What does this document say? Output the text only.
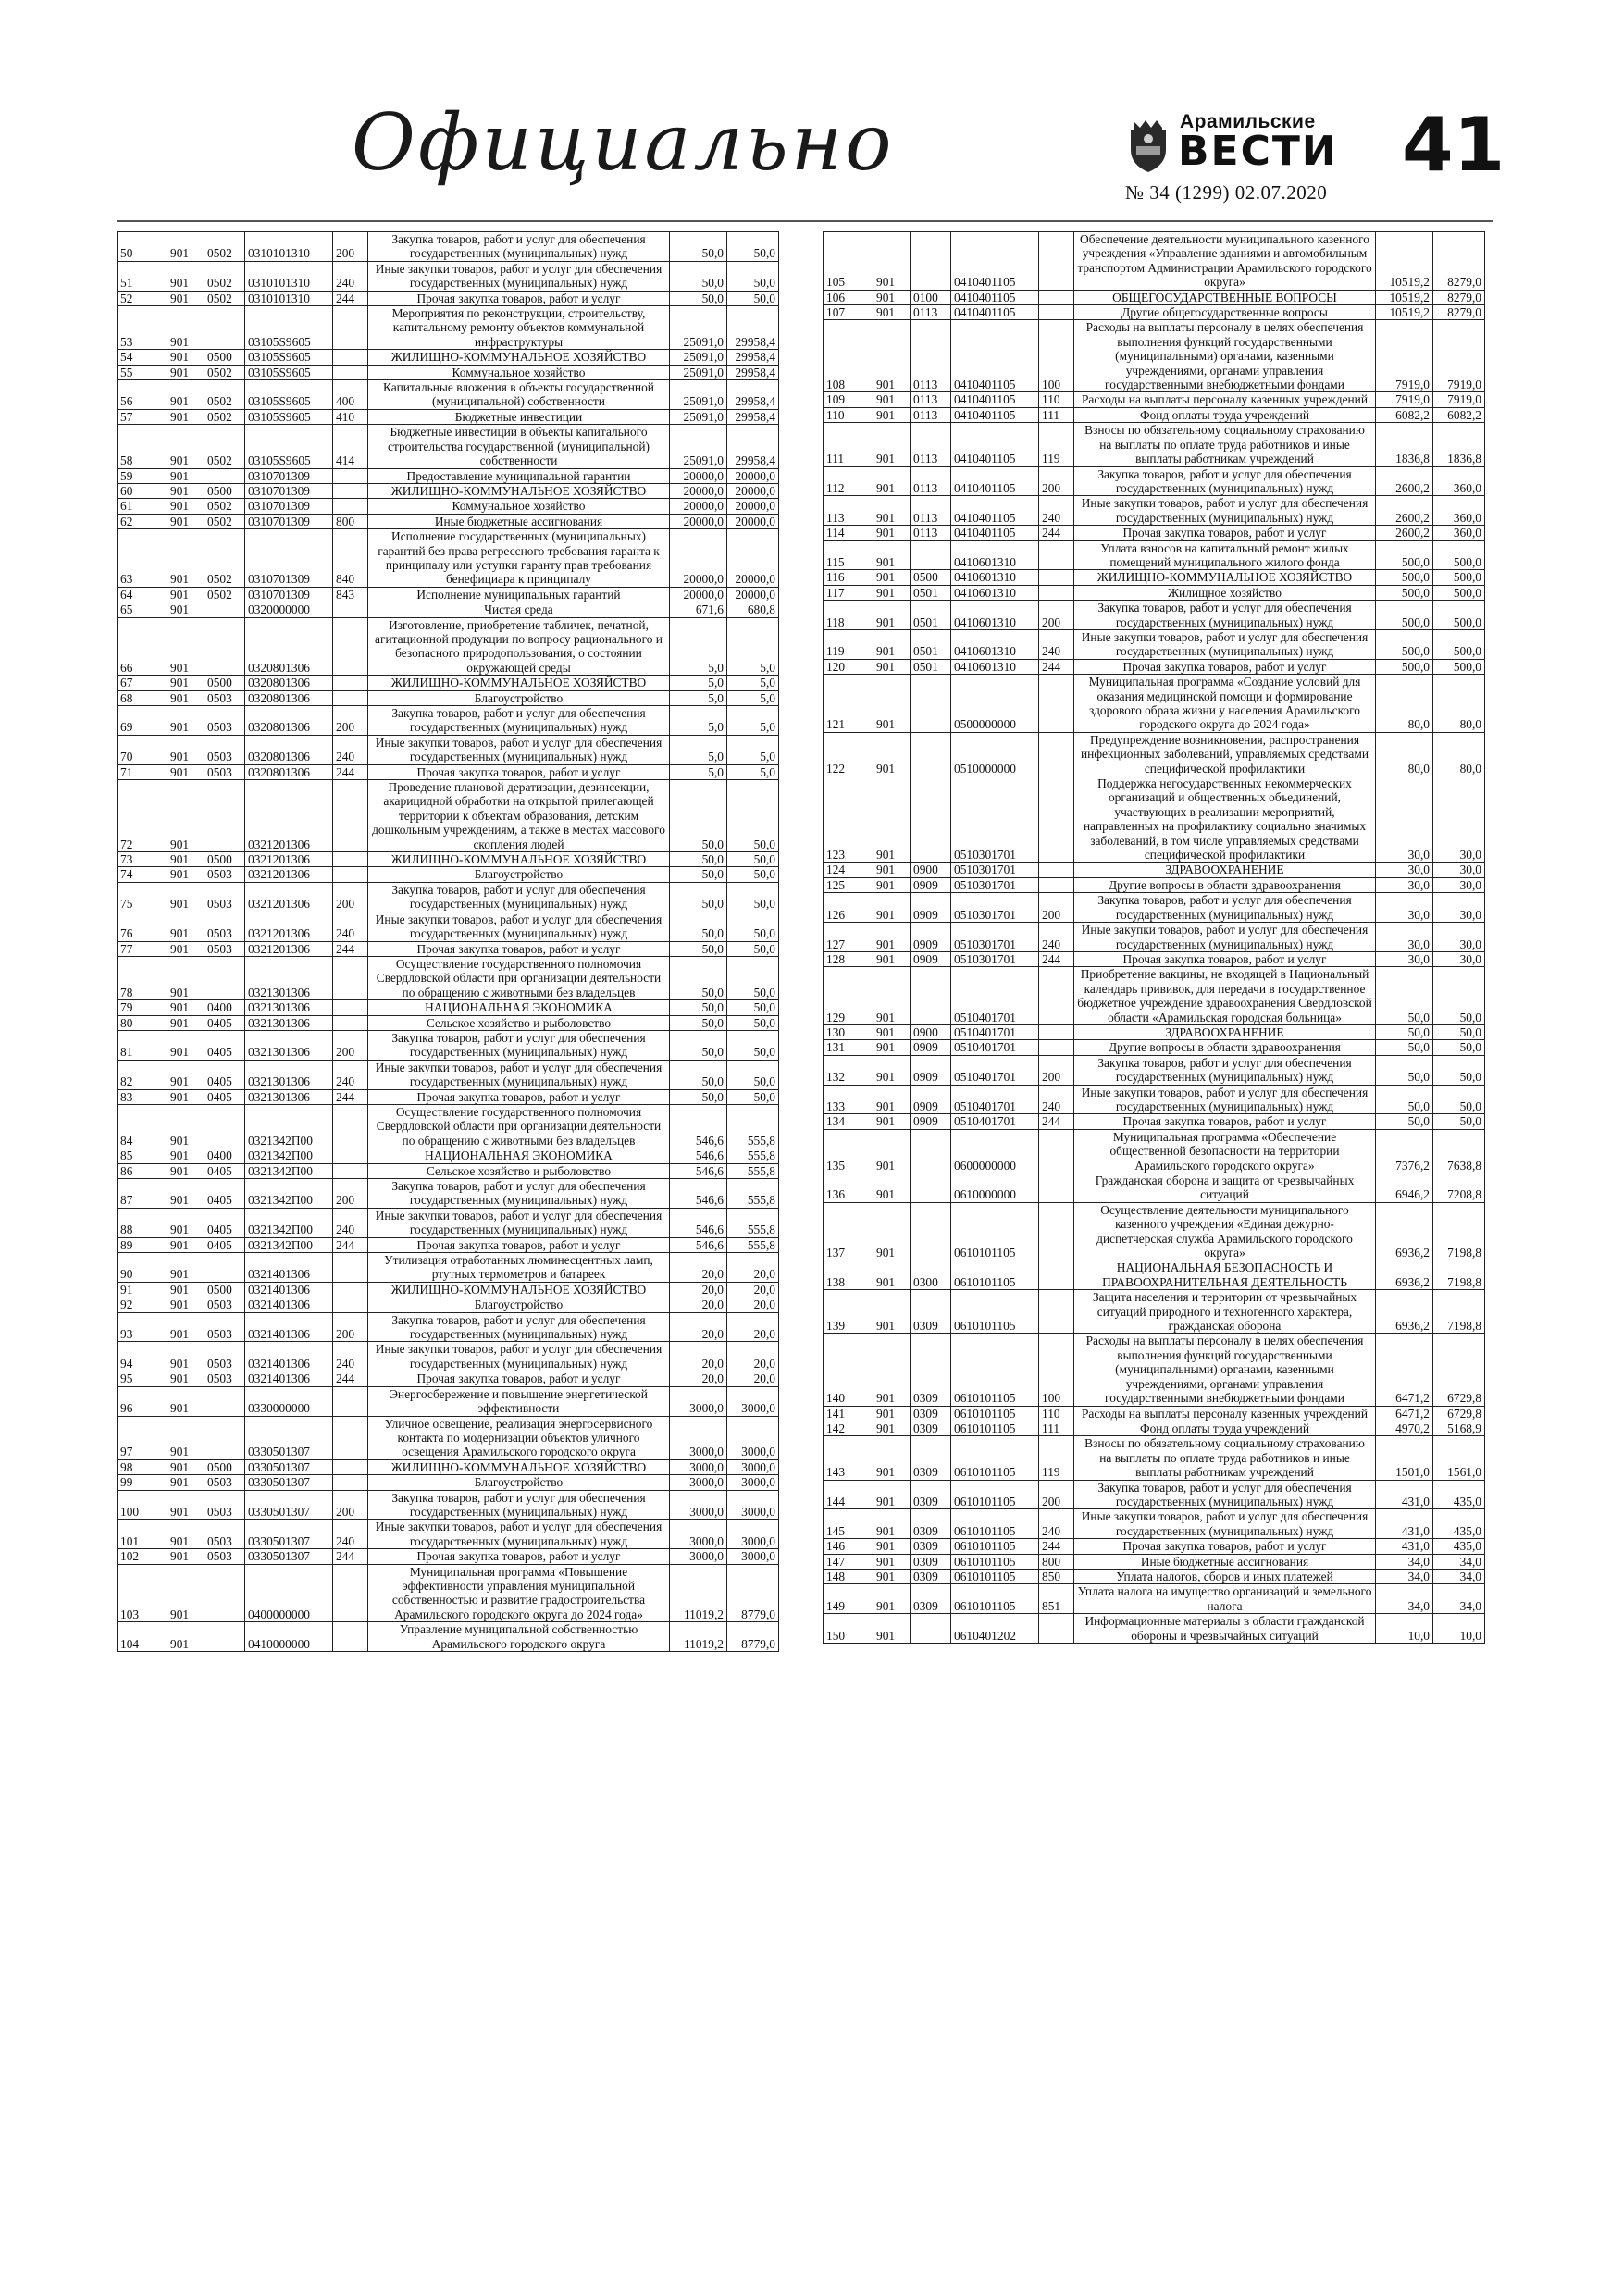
Официально	Арамильские
ВЕСТИ 41
№ 34 (1299) 02.07.2020
50	901	0502	0310101310	200	Закупка товаров, работ и услуг для обеспечения государственных (муниципальных) нужд	50,0	50,0
51	901	0502	0310101310	240	Иные закупки товаров, работ и услуг для обеспечения государственных (муниципальных) нужд	50,0	50,0
52	901	0502	0310101310	244	Прочая закупка товаров, работ и услуг	50,0	50,0
53	901		03105S9605		Мероприятия по реконструкции, строительству, капитальному ремонту объектов коммунальной инфраструктуры	25091,0	29958,4
54	901	0500	03105S9605		ЖИЛИЩНО-КОММУНАЛЬНОЕ ХОЗЯЙСТВО	25091,0	29958,4
55	901	0502	03105S9605		Коммунальное хозяйство	25091,0	29958,4
56	901	0502	03105S9605	400	Капитальные вложения в объекты государственной (муниципальной) собственности	25091,0	29958,4
57	901	0502	03105S9605	410	Бюджетные инвестиции	25091,0	29958,4
58	901	0502	03105S9605	414	Бюджетные инвестиции в объекты капитального строительства государственной (муниципальной) собственности	25091,0	29958,4
59	901		0310701309		Предоставление муниципальной гарантии	20000,0	20000,0
60	901	0500	0310701309		ЖИЛИЩНО-КОММУНАЛЬНОЕ ХОЗЯЙСТВО	20000,0	20000,0
61	901	0502	0310701309		Коммунальное хозяйство	20000,0	20000,0
62	901	0502	0310701309	800	Иные бюджетные ассигнования	20000,0	20000,0
63	901	0502	0310701309	840	Исполнение государственных (муниципальных) гарантий без права регрессного требования гаранта к принципалу или уступки гаранту прав требования бенефициара к принципалу	20000,0	20000,0
64	901	0502	0310701309	843	Исполнение муниципальных гарантий	20000,0	20000,0
65	901		0320000000		Чистая среда	671,6	680,8
66	901		0320801306		Изготовление, приобретение табличек, печатной, агитационной продукции по вопросу рационального и безопасного природопользования, о состоянии окружающей среды	5,0	5,0
67	901	0500	0320801306		ЖИЛИЩНО-КОММУНАЛЬНОЕ ХОЗЯЙСТВО	5,0	5,0
68	901	0503	0320801306		Благоустройство	5,0	5,0
69	901	0503	0320801306	200	Закупка товаров, работ и услуг для обеспечения государственных (муниципальных) нужд	5,0	5,0
70	901	0503	0320801306	240	Иные закупки товаров, работ и услуг для обеспечения государственных (муниципальных) нужд	5,0	5,0
71	901	0503	0320801306	244	Прочая закупка товаров, работ и услуг	5,0	5,0
72	901		0321201306		Проведение плановой дератизации, дезинсекции, акарицидной обработки на открытой прилегающей территории к объектам образования, детским дошкольным учреждениям, а также в местах массового скопления людей	50,0	50,0
73	901	0500	0321201306		ЖИЛИЩНО-КОММУНАЛЬНОЕ ХОЗЯЙСТВО	50,0	50,0
74	901	0503	0321201306		Благоустройство	50,0	50,0
75	901	0503	0321201306	200	Закупка товаров, работ и услуг для обеспечения государственных (муниципальных) нужд	50,0	50,0
76	901	0503	0321201306	240	Иные закупки товаров, работ и услуг для обеспечения государственных (муниципальных) нужд	50,0	50,0
77	901	0503	0321201306	244	Прочая закупка товаров, работ и услуг	50,0	50,0
78	901		0321301306		Осуществление государственного полномочия Свердловской области при организации деятельности по обращению с животными без владельцев	50,0	50,0
79	901	0400	0321301306		НАЦИОНАЛЬНАЯ ЭКОНОМИКА	50,0	50,0
80	901	0405	0321301306		Сельское хозяйство и рыболовство	50,0	50,0
81	901	0405	0321301306	200	Закупка товаров, работ и услуг для обеспечения государственных (муниципальных) нужд	50,0	50,0
82	901	0405	0321301306	240	Иные закупки товаров, работ и услуг для обеспечения государственных (муниципальных) нужд	50,0	50,0
83	901	0405	0321301306	244	Прочая закупка товаров, работ и услуг	50,0	50,0
84	901		0321342П00		Осуществление государственного полномочия Свердловской области при организации деятельности по обращению с животными без владельцев	546,6	555,8
85	901	0400	0321342П00		НАЦИОНАЛЬНАЯ ЭКОНОМИКА	546,6	555,8
86	901	0405	0321342П00		Сельское хозяйство и рыболовство	546,6	555,8
87	901	0405	0321342П00	200	Закупка товаров, работ и услуг для обеспечения государственных (муниципальных) нужд	546,6	555,8
88	901	0405	0321342П00	240	Иные закупки товаров, работ и услуг для обеспечения государственных (муниципальных) нужд	546,6	555,8
89	901	0405	0321342П00	244	Прочая закупка товаров, работ и услуг	546,6	555,8
90	901		0321401306		Утилизация отработанных люминесцентных ламп, ртутных термометров и батареек	20,0	20,0
91	901	0500	0321401306		ЖИЛИЩНО-КОММУНАЛЬНОЕ ХОЗЯЙСТВО	20,0	20,0
92	901	0503	0321401306		Благоустройство	20,0	20,0
93	901	0503	0321401306	200	Закупка товаров, работ и услуг для обеспечения государственных (муниципальных) нужд	20,0	20,0
94	901	0503	0321401306	240	Иные закупки товаров, работ и услуг для обеспечения государственных (муниципальных) нужд	20,0	20,0
95	901	0503	0321401306	244	Прочая закупка товаров, работ и услуг	20,0	20,0
96	901		0330000000		Энергосбережение и повышение энергетической эффективности	3000,0	3000,0
97	901		0330501307		Уличное освещение, реализация энергосервисного контакта по модернизации объектов уличного освещения Арамильского городского округа	3000,0	3000,0
98	901	0500	0330501307		ЖИЛИЩНО-КОММУНАЛЬНОЕ ХОЗЯЙСТВО	3000,0	3000,0
99	901	0503	0330501307		Благоустройство	3000,0	3000,0
100	901	0503	0330501307	200	Закупка товаров, работ и услуг для обеспечения государственных (муниципальных) нужд	3000,0	3000,0
101	901	0503	0330501307	240	Иные закупки товаров, работ и услуг для обеспечения государственных (муниципальных) нужд	3000,0	3000,0
102	901	0503	0330501307	244	Прочая закупка товаров, работ и услуг	3000,0	3000,0
103	901		0400000000		Муниципальная программа «Повышение эффективности управления муниципальной собственностью и развитие градостроительства Арамильского городского округа до 2024 года»	11019,2	8779,0
104	901		0410000000		Управление муниципальной собственностью Арамильского городского округа	11019,2	8779,0
105	901		0410401105		Обеспечение деятельности муниципального казенного учреждения «Управление зданиями и автомобильным транспортом Администрации Арамильского городского округа»	10519,2	8279,0
106	901	0100	0410401105		ОБЩЕГОСУДАРСТВЕННЫЕ ВОПРОСЫ	10519,2	8279,0
107	901	0113	0410401105		Другие общегосударственные вопросы	10519,2	8279,0
108	901	0113	0410401105	100	Расходы на выплаты персоналу в целях обеспечения выполнения функций государственными (муниципальными) органами, казенными учреждениями, органами управления государственными внебюджетными фондами	7919,0	7919,0
109	901	0113	0410401105	110	Расходы на выплаты персоналу казенных учреждений	7919,0	7919,0
110	901	0113	0410401105	111	Фонд оплаты труда учреждений	6082,2	6082,2
111	901	0113	0410401105	119	Взносы по обязательному социальному страхованию на выплаты по оплате труда работников и иные выплаты работникам учреждений	1836,8	1836,8
112	901	0113	0410401105	200	Закупка товаров, работ и услуг для обеспечения государственных (муниципальных) нужд	2600,2	360,0
113	901	0113	0410401105	240	Иные закупки товаров, работ и услуг для обеспечения государственных (муниципальных) нужд	2600,2	360,0
114	901	0113	0410401105	244	Прочая закупка товаров, работ и услуг	2600,2	360,0
115	901		0410601310		Уплата взносов на капитальный ремонт жилых помещений муниципального жилого фонда	500,0	500,0
116	901	0500	0410601310		ЖИЛИЩНО-КОММУНАЛЬНОЕ ХОЗЯЙСТВО	500,0	500,0
117	901	0501	0410601310		Жилищное хозяйство	500,0	500,0
118	901	0501	0410601310	200	Закупка товаров, работ и услуг для обеспечения государственных (муниципальных) нужд	500,0	500,0
119	901	0501	0410601310	240	Иные закупки товаров, работ и услуг для обеспечения государственных (муниципальных) нужд	500,0	500,0
120	901	0501	0410601310	244	Прочая закупка товаров, работ и услуг	500,0	500,0
121	901		0500000000		Муниципальная программа «Создание условий для оказания медицинской помощи и формирование здорового образа жизни у населения Арамильского городского округа до 2024 года»	80,0	80,0
122	901		0510000000		Предупреждение возникновения, распространения инфекционных заболеваний, управляемых средствами специфической профилактики	80,0	80,0
123	901		0510301701		Поддержка негосударственных некоммерческих организаций и общественных объединений, участвующих в реализации мероприятий, направленных на профилактику социально значимых заболеваний, в том числе управляемых средствами специфической профилактики	30,0	30,0
124	901	0900	0510301701		ЗДРАВООХРАНЕНИЕ	30,0	30,0
125	901	0909	0510301701		Другие вопросы в области здравоохранения	30,0	30,0
126	901	0909	0510301701	200	Закупка товаров, работ и услуг для обеспечения государственных (муниципальных) нужд	30,0	30,0
127	901	0909	0510301701	240	Иные закупки товаров, работ и услуг для обеспечения государственных (муниципальных) нужд	30,0	30,0
128	901	0909	0510301701	244	Прочая закупка товаров, работ и услуг	30,0	30,0
129	901		0510401701		Приобретение вакцины, не входящей в Национальный календарь прививок, для передачи в государственное бюджетное учреждение здравоохранения Свердловской области «Арамильская городская больница»	50,0	50,0
130	901	0900	0510401701		ЗДРАВООХРАНЕНИЕ	50,0	50,0
131	901	0909	0510401701		Другие вопросы в области здравоохранения	50,0	50,0
132	901	0909	0510401701	200	Закупка товаров, работ и услуг для обеспечения государственных (муниципальных) нужд	50,0	50,0
133	901	0909	0510401701	240	Иные закупки товаров, работ и услуг для обеспечения государственных (муниципальных) нужд	50,0	50,0
134	901	0909	0510401701	244	Прочая закупка товаров, работ и услуг	50,0	50,0
135	901		0600000000		Муниципальная программа «Обеспечение общественной безопасности на территории Арамильского городского округа»	7376,2	7638,8
136	901		0610000000		Гражданская оборона и защита от чрезвычайных ситуаций	6946,2	7208,8
137	901		0610101105		Осуществление деятельности муниципального казенного учреждения «Единая дежурно-диспетчерская служба Арамильского городского округа»	6936,2	7198,8
138	901	0300	0610101105		НАЦИОНАЛЬНАЯ БЕЗОПАСНОСТЬ И ПРАВООХРАНИТЕЛЬНАЯ ДЕЯТЕЛЬНОСТЬ	6936,2	7198,8
139	901	0309	0610101105		Защита населения и территории от чрезвычайных ситуаций природного и техногенного характера, гражданская оборона	6936,2	7198,8
140	901	0309	0610101105	100	Расходы на выплаты персоналу в целях обеспечения выполнения функций государственными (муниципальными) органами, казенными учреждениями, органами управления государственными внебюджетными фондами	6471,2	6729,8
141	901	0309	0610101105	110	Расходы на выплаты персоналу казенных учреждений	6471,2	6729,8
142	901	0309	0610101105	111	Фонд оплаты труда учреждений	4970,2	5168,9
143	901	0309	0610101105	119	Взносы по обязательному социальному страхованию на выплаты по оплате труда работников и иные выплаты работникам учреждений	1501,0	1561,0
144	901	0309	0610101105	200	Закупка товаров, работ и услуг для обеспечения государственных (муниципальных) нужд	431,0	435,0
145	901	0309	0610101105	240	Иные закупки товаров, работ и услуг для обеспечения государственных (муниципальных) нужд	431,0	435,0
146	901	0309	0610101105	244	Прочая закупка товаров, работ и услуг	431,0	435,0
147	901	0309	0610101105	800	Иные бюджетные ассигнования	34,0	34,0
148	901	0309	0610101105	850	Уплата налогов, сборов и иных платежей	34,0	34,0
149	901	0309	0610101105	851	Уплата налога на имущество организаций и земельного налога	34,0	34,0
150	901		0610401202		Информационные материалы в области гражданской обороны и чрезвычайных ситуаций	10,0	10,0
